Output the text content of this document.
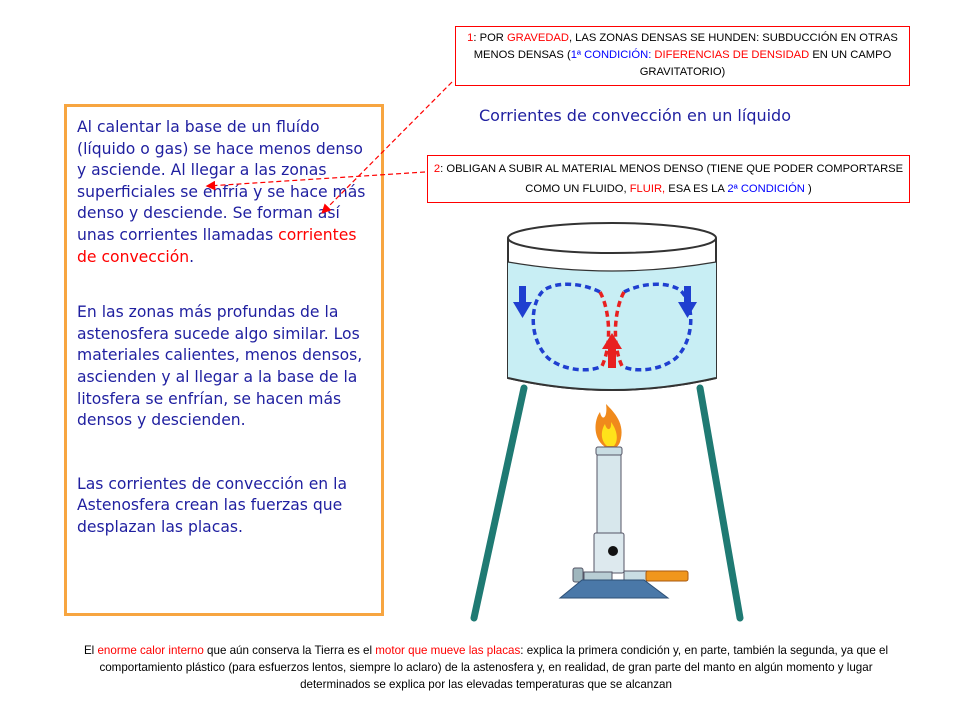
1: POR GRAVEDAD, LAS ZONAS DENSAS SE HUNDEN: SUBDUCCIÓN EN OTRAS MENOS DENSAS (1ª CONDICIÓN: DIFERENCIAS DE DENSIDAD EN UN CAMPO GRAVITATORIO)
2: OBLIGAN A SUBIR AL MATERIAL MENOS DENSO (TIENE QUE PODER COMPORTARSE COMO UN FLUIDO, FLUIR, ESA ES LA 2ª CONDICIÓN )

Al calentar la base de un fluído (líquido o gas) se hace menos denso y asciende. Al llegar a las zonas superficiales se enfría y se hace más denso y desciende. Se forman así unas corrientes llamadas corrientes de convección.

En las zonas más profundas de la astenosfera sucede algo similar. Los materiales calientes, menos densos, ascienden y al llegar a la base de la litosfera se enfrían, se hacen más densos y descienden.

Las corrientes de convección en la Astenosfera crean las fuerzas que desplazan las placas.

Corrientes de convección en un líquido
El enorme calor interno que aún conserva la Tierra es el motor que mueve las placas: explica la primera condición y, en parte, también la segunda, ya que el comportamiento plástico (para esfuerzos lentos, siempre lo aclaro) de la astenosfera y, en realidad, de gran parte del manto en algún momento y lugar determinados se explica por las elevadas temperaturas que se alcanzan
